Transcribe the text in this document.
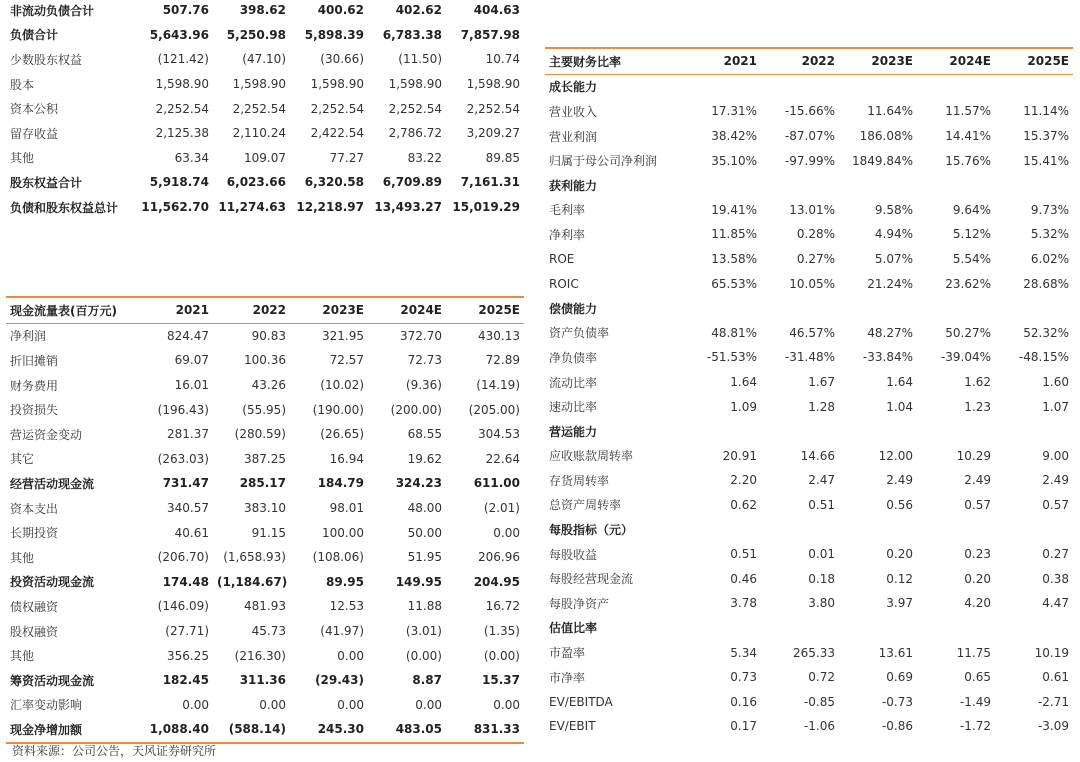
非流动负债合计	507.76	398.62	400.62	402.62	404.63
负债合计	5,643.96	5,250.98	5,898.39	6,783.38	7,857.98
少数股东权益	(121.42)	(47.10)	(30.66)	(11.50)	10.74
股本	1,598.90	1,598.90	1,598.90	1,598.90	1,598.90
资本公积	2,252.54	2,252.54	2,252.54	2,252.54	2,252.54
留存收益	2,125.38	2,110.24	2,422.54	2,786.72	3,209.27
其他	63.34	109.07	77.27	83.22	89.85
股东权益合计	5,918.74	6,023.66	6,320.58	6,709.89	7,161.31
负债和股东权益总计	11,562.70	11,274.63	12,218.97	13,493.27	15,019.29
现金流量表(百万元)	2021	2022	2023E	2024E	2025E
净利润	824.47	90.83	321.95	372.70	430.13
折旧摊销	69.07	100.36	72.57	72.73	72.89
财务费用	16.01	43.26	(10.02)	(9.36)	(14.19)
投资损失	(196.43)	(55.95)	(190.00)	(200.00)	(205.00)
营运资金变动	281.37	(280.59)	(26.65)	68.55	304.53
其它	(263.03)	387.25	16.94	19.62	22.64
经营活动现金流	731.47	285.17	184.79	324.23	611.00
资本支出	340.57	383.10	98.01	48.00	(2.01)
长期投资	40.61	91.15	100.00	50.00	0.00
其他	(206.70)	(1,658.93)	(108.06)	51.95	206.96
投资活动现金流	174.48	(1,184.67)	89.95	149.95	204.95
债权融资	(146.09)	481.93	12.53	11.88	16.72
股权融资	(27.71)	45.73	(41.97)	(3.01)	(1.35)
其他	356.25	(216.30)	0.00	(0.00)	(0.00)
筹资活动现金流	182.45	311.36	(29.43)	8.87	15.37
汇率变动影响	0.00	0.00	0.00	0.00	0.00
现金净增加额	1,088.40	(588.14)	245.30	483.05	831.33
主要财务比率	2021	2022	2023E	2024E	2025E
成长能力					
营业收入	17.31%	-15.66%	11.64%	11.57%	11.14%
营业利润	38.42%	-87.07%	186.08%	14.41%	15.37%
归属于母公司净利润	35.10%	-97.99%	1849.84%	15.76%	15.41%
获利能力					
毛利率	19.41%	13.01%	9.58%	9.64%	9.73%
净利率	11.85%	0.28%	4.94%	5.12%	5.32%
ROE	13.58%	0.27%	5.07%	5.54%	6.02%
ROIC	65.53%	10.05%	21.24%	23.62%	28.68%
偿债能力					
资产负债率	48.81%	46.57%	48.27%	50.27%	52.32%
净负债率	-51.53%	-31.48%	-33.84%	-39.04%	-48.15%
流动比率	1.64	1.67	1.64	1.62	1.60
速动比率	1.09	1.28	1.04	1.23	1.07
营运能力					
应收账款周转率	20.91	14.66	12.00	10.29	9.00
存货周转率	2.20	2.47	2.49	2.49	2.49
总资产周转率	0.62	0.51	0.56	0.57	0.57
每股指标（元）					
每股收益	0.51	0.01	0.20	0.23	0.27
每股经营现金流	0.46	0.18	0.12	0.20	0.38
每股净资产	3.78	3.80	3.97	4.20	4.47
估值比率					
市盈率	5.34	265.33	13.61	11.75	10.19
市净率	0.73	0.72	0.69	0.65	0.61
EV/EBITDA	0.16	-0.85	-0.73	-1.49	-2.71
EV/EBIT	0.17	-1.06	-0.86	-1.72	-3.09
资料来源：公司公告，天风证券研究所
